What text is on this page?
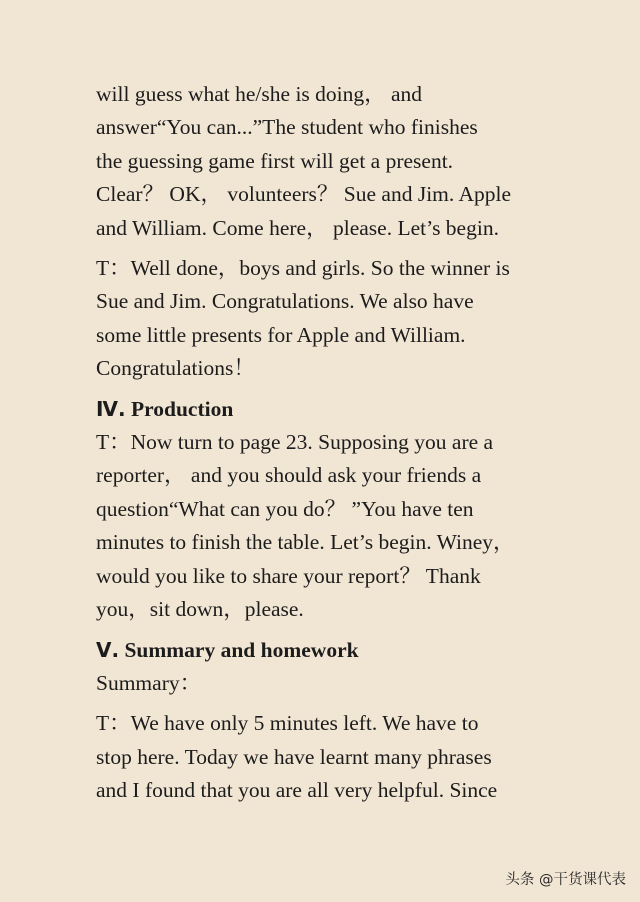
will guess what he/she is doing， and
answer“You can...”The student who finishes
the guessing game first will get a present.
Clear？ OK， volunteers？ Sue and Jim. Apple
and William. Come here， please. Let’s begin.

T：Well done，boys and girls. So the winner is
Sue and Jim. Congratulations. We also have
some little presents for Apple and William.
Congratulations！

Ⅳ. Production

T：Now turn to page 23. Supposing you are a
reporter， and you should ask your friends a
question“What can you do？ ”You have ten
minutes to finish the table. Let’s begin. Winey，
would you like to share your report？ Thank
you，sit down，please.

Ⅴ. Summary and homework

Summary：

T：We have only 5 minutes left. We have to
stop here. Today we have learnt many phrases
and I found that you are all very helpful. Since

头条 @干货课代表
